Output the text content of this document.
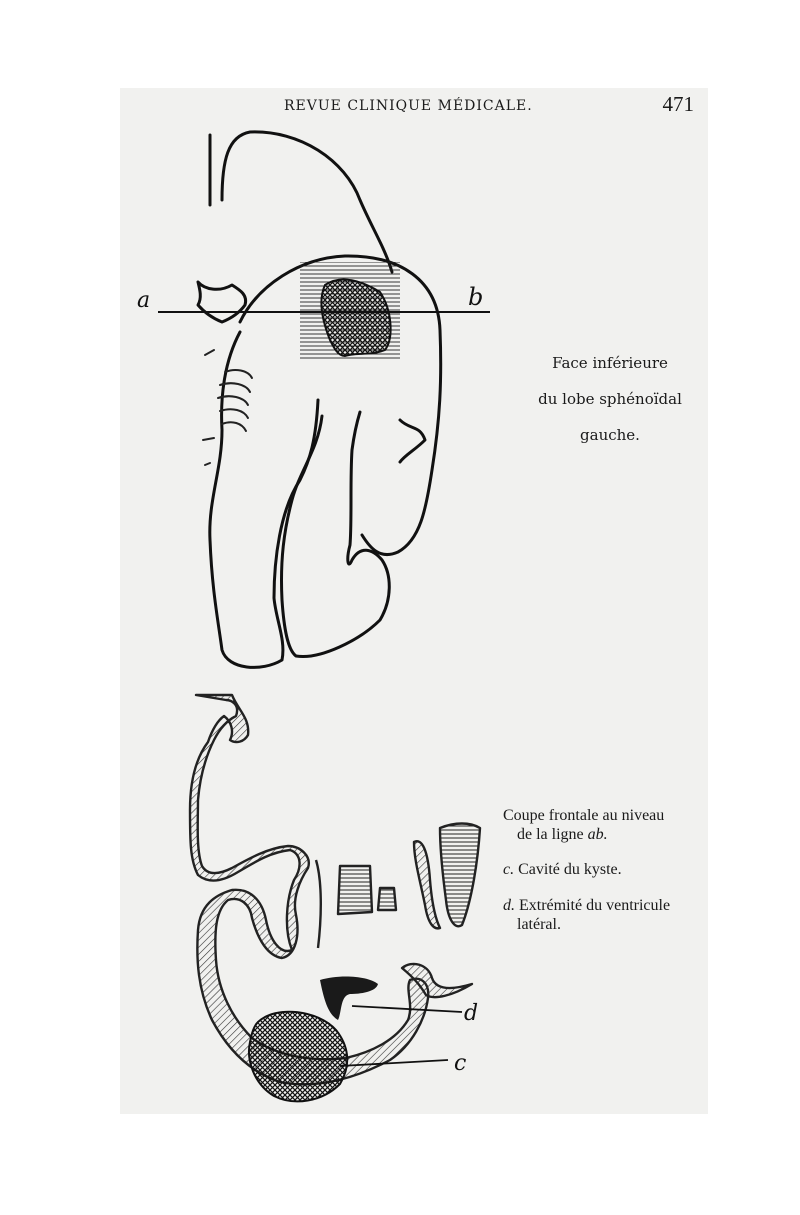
REVUE CLINIQUE MÉDICALE.	471
a	b
d
c
Face inférieure
du lobe sphénoïdal
gauche.
Coupe frontale au niveau
de la ligne ab.
c. Cavité du kyste.
d. Extrémité du ventricule
latéral.
